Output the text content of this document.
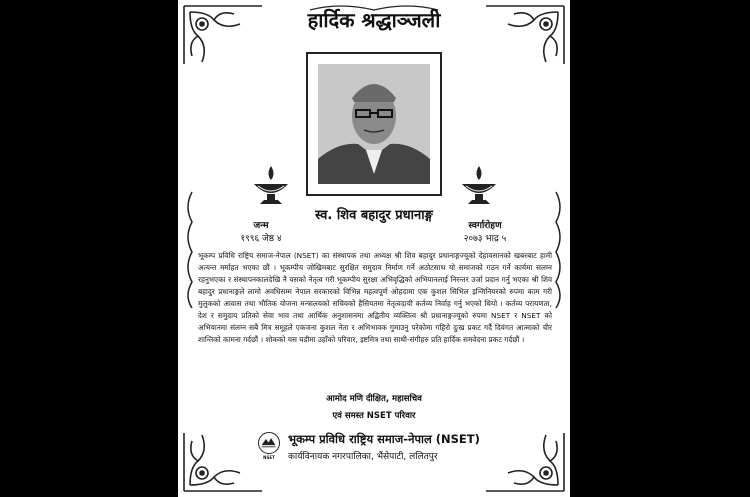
हार्दिक श्रद्धाञ्जली
स्व. शिव बहादुर प्रधानाङ्ग
जन्म
१९९६ जेष्ठ ४
स्वर्गारोहण
२०७३ भाद्र ५
भूकम्प प्रविधि राष्ट्रिय समाज-नेपाल (NSET) का संस्थापक तथा अध्यक्ष श्री शिव बहादुर प्रधानाङ्गज्यूको देहावसानको खबरबाट हामी अत्यन्त मर्माहत भएका छौं । भूकम्पीय जोखिमबाट सुरक्षित समुदाय निर्माण गर्ने अठोटसाथ यो समाजको गठन गर्ने कार्यमा सलग्न रहनुभएका र संस्थापनकालदेखि नै यसको नेतृत्व गरी भूकम्पीय सुरक्षा अभिवृद्धिको अभियानलाई निरन्तर उर्जा प्रदान गर्नु भएका श्री शिव बहादुर प्रधानाङ्गले लामो अवधिसम्म नेपाल सरकारको विभिन्न महत्वपूर्ण ओहदामा एक कुशल सिभिल इन्जिनियरको रुपमा काम गरी मुलुकको आवास तथा भौतिक योजना मन्त्रालयको सचिवको हैसियतमा नेतृत्वदायी कर्तव्य निर्वाह गर्नु भएको थियो । कर्तव्य परायणता, देश र समुदाय प्रतिको सेवा भाव तथा आर्थिक अनुशासनमा अद्वितीय व्यक्तित्व श्री प्रधानाङ्गज्यूको रुपमा NSET र NSET को अभियानमा संलग्न सबै मित्र समूहले एकजना कुशल नेता र अभिभावक गुमाउनु परेकोमा गहिरो दुःख प्रकट गर्दै दिवंगत आत्माको चीर शान्तिको कामना गर्दछौं । शोकको यस घडीमा उहाँको परिवार, इष्टमित्र तथा साथी-संगीहरु प्रति हार्दिक समवेदना प्रकट गर्दछौं ।
आमोद मणि दीक्षित, महासचिव
एवं समस्त NSET परिवार
NSET
भूकम्प प्रविधि राष्ट्रिय समाज-नेपाल (NSET)
कार्यविनायक नगरपालिका, भैंसेपाटी, ललितपुर
